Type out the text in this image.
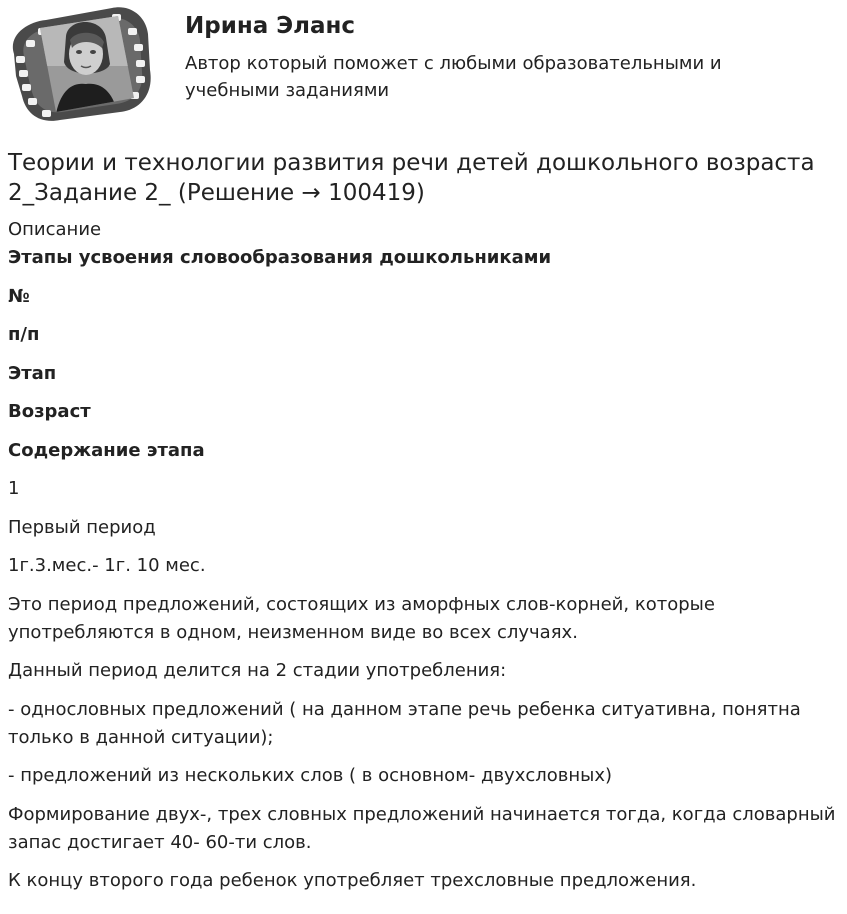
Ирина Эланс
Автор который поможет с любыми образовательными и учебными заданиями
Теории и технологии развития речи детей дошкольного возраста 2_Задание 2_ (Решение → 100419)

Описание

Этапы усвоения словообразования дошкольниками

№

п/п

Этап

Возраст

Содержание этапа

1

Первый период

1г.3.мес.- 1г. 10 мес.

Это период предложений, состоящих из аморфных слов-корней, которые употребляются в одном, неизменном виде во всех случаях.

Данный период делится на 2 стадии употребления:

- однословных предложений ( на данном этапе речь ребенка ситуативна, понятна только в данной ситуации);

- предложений из нескольких слов ( в основном- двухсловных)

Формирование двух-, трех словных предложений начинается тогда, когда словарный запас достигает 40- 60-ти слов.

К концу второго года ребенок употребляет трехсловные предложения.
